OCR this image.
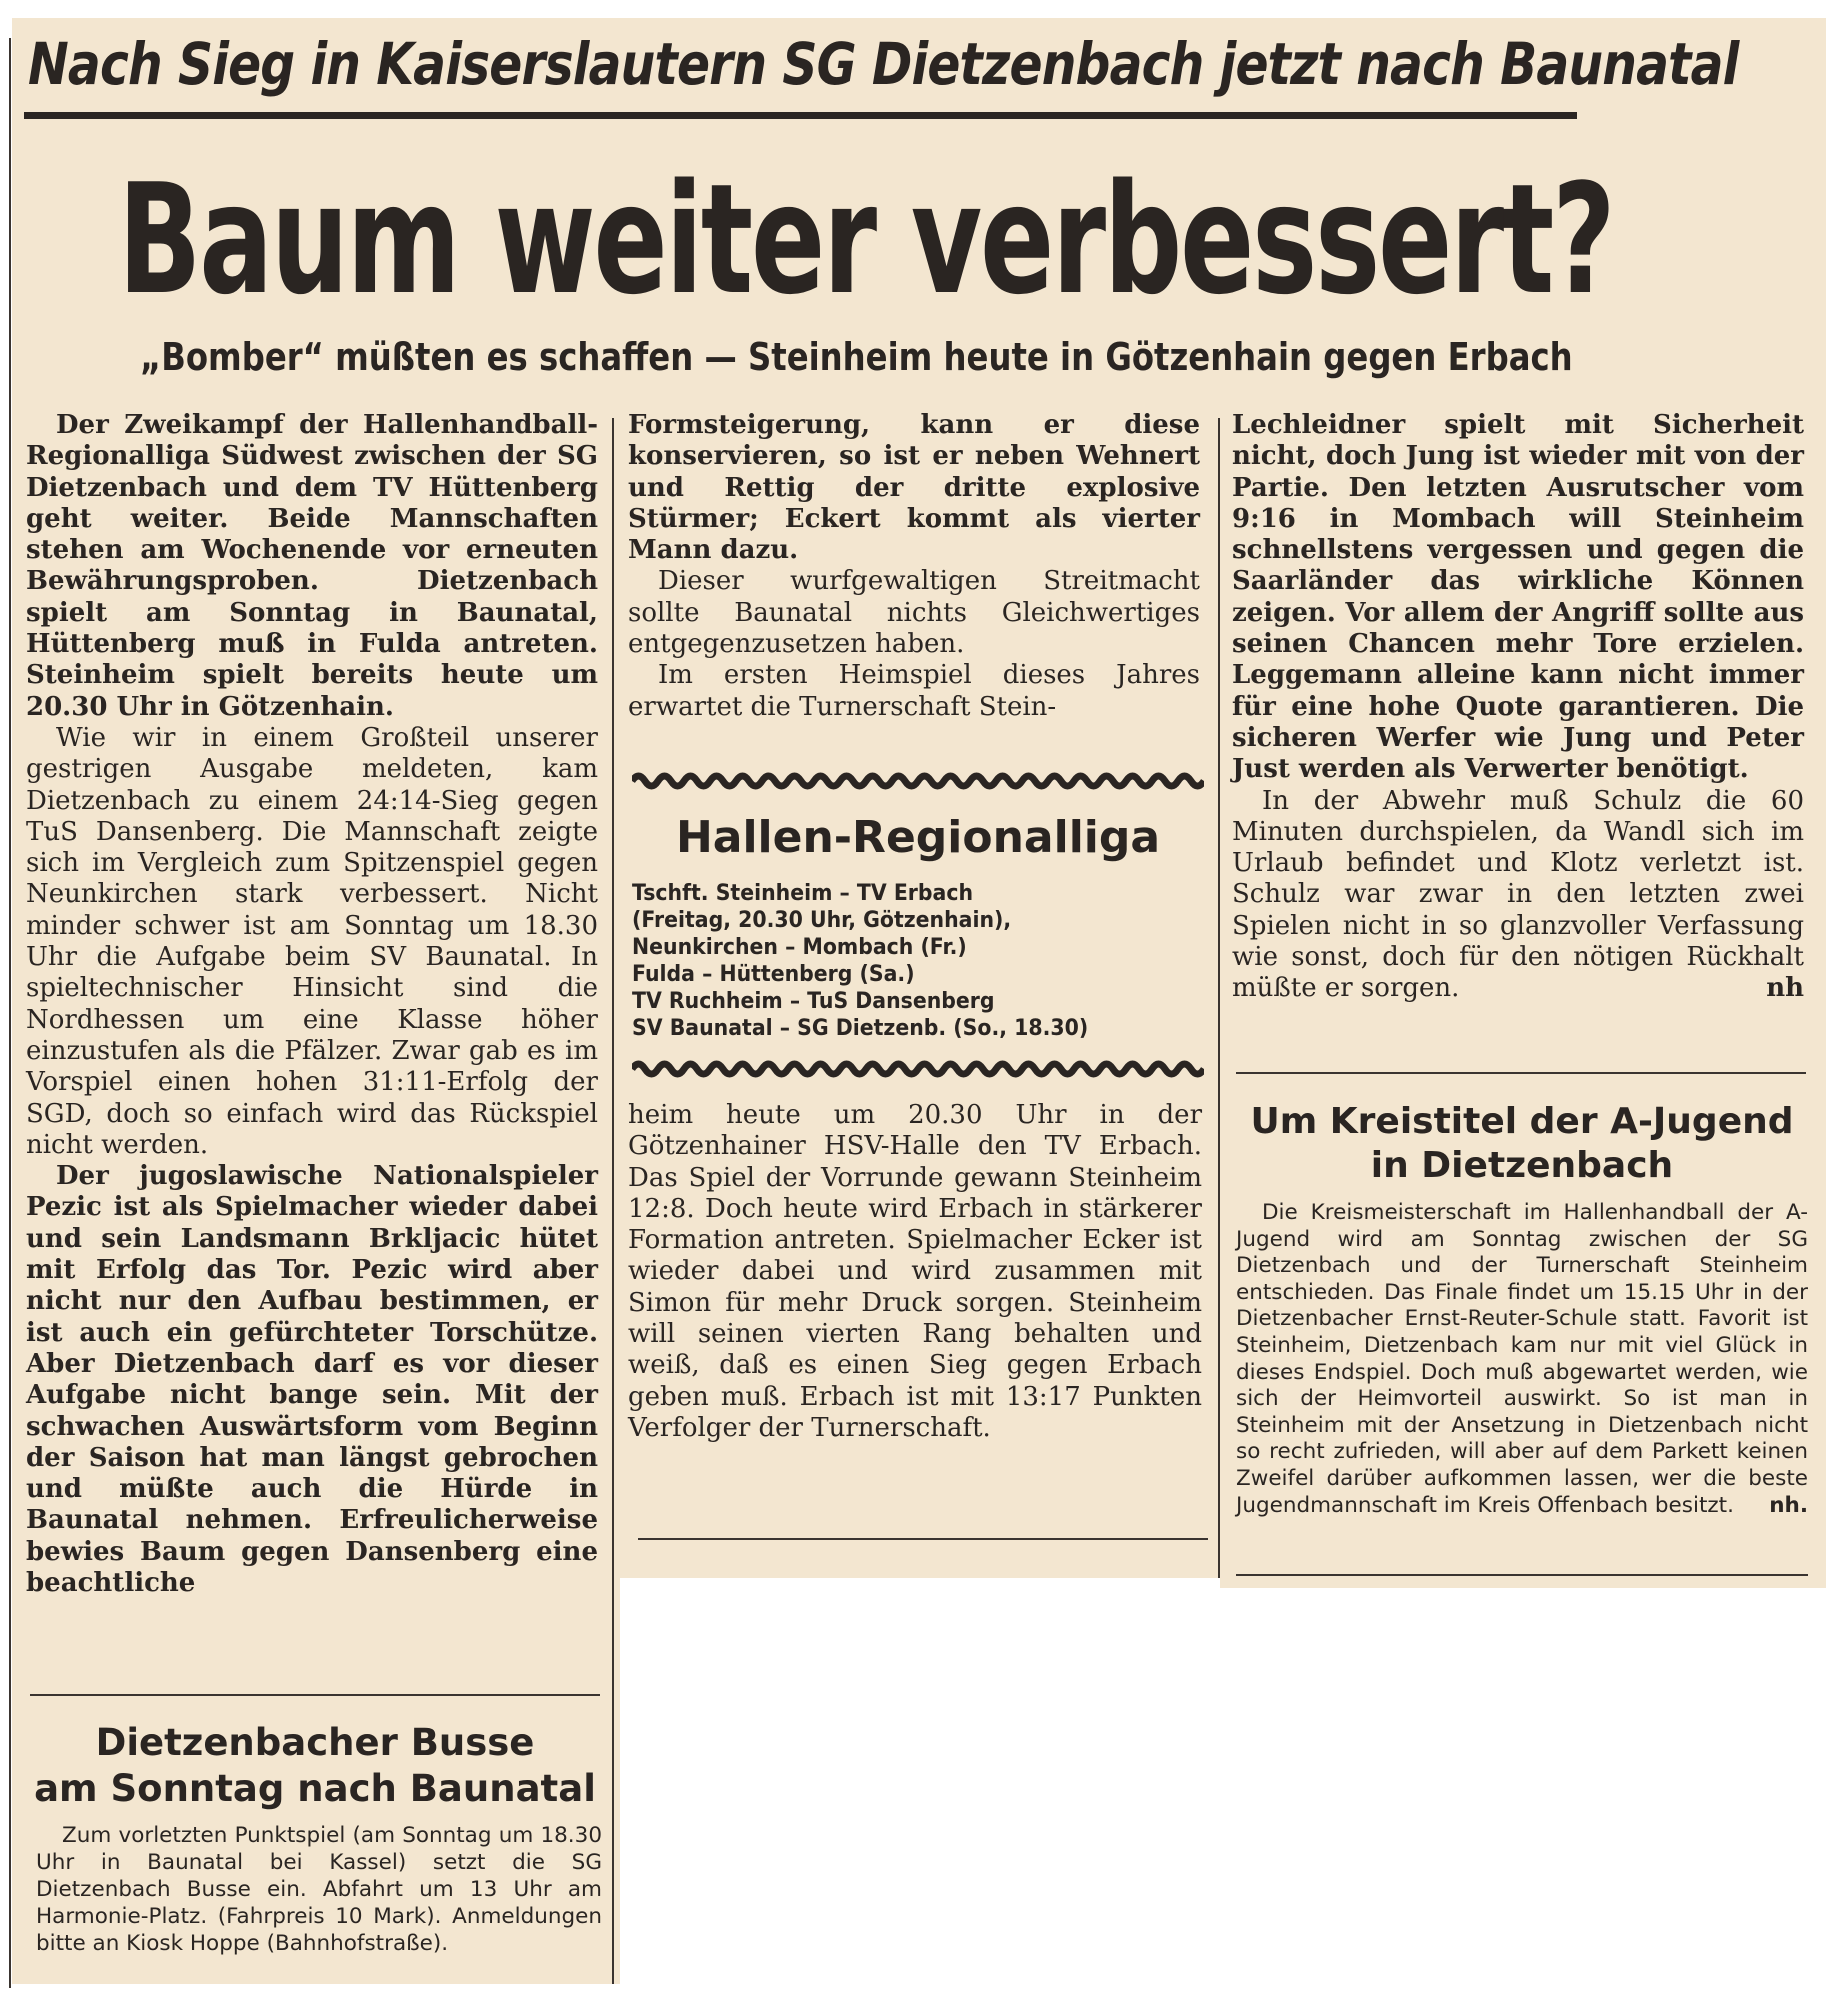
Nach Sieg in Kaiserslautern SG Dietzenbach jetzt nach Baunatal
Baum weiter verbessert?
„Bomber“ müßten es schaffen — Steinheim heute in Götzenhain gegen Erbach

Der Zweikampf der Hallenhandball-Regionalliga Südwest zwischen der SG Dietzenbach und dem TV Hüttenberg geht weiter. Beide Mannschaften stehen am Wochenende vor erneuten Bewährungsproben. Dietzenbach spielt am Sonntag in Baunatal, Hüttenberg muß in Fulda antreten. Steinheim spielt bereits heute um 20.30 Uhr in Götzenhain.

Wie wir in einem Großteil unserer gestrigen Ausgabe meldeten, kam Dietzenbach zu einem 24:14-Sieg gegen TuS Dansenberg. Die Mannschaft zeigte sich im Vergleich zum Spitzenspiel gegen Neunkirchen stark verbessert. Nicht minder schwer ist am Sonntag um 18.30 Uhr die Aufgabe beim SV Baunatal. In spieltechnischer Hinsicht sind die Nordhessen um eine Klasse höher einzustufen als die Pfälzer. Zwar gab es im Vorspiel einen hohen 31:11-Erfolg der SGD, doch so einfach wird das Rückspiel nicht werden.

Der jugoslawische Nationalspieler Pezic ist als Spielmacher wieder dabei und sein Landsmann Brkljacic hütet mit Erfolg das Tor. Pezic wird aber nicht nur den Aufbau bestimmen, er ist auch ein gefürchteter Torschütze. Aber Dietzenbach darf es vor dieser Aufgabe nicht bange sein. Mit der schwachen Auswärtsform vom Beginn der Saison hat man längst gebrochen und müßte auch die Hürde in Baunatal nehmen. Erfreulicherweise bewies Baum gegen Dansenberg eine beachtliche

Formsteigerung, kann er diese konservieren, so ist er neben Wehnert und Rettig der dritte explosive Stürmer; Eckert kommt als vierter Mann dazu.

Dieser wurfgewaltigen Streitmacht sollte Baunatal nichts Gleichwertiges entgegenzusetzen haben.

Im ersten Heimspiel dieses Jahres erwartet die Turnerschaft Stein-

Hallen-Regionalliga
Tschft. Steinheim – TV Erbach
(Freitag, 20.30 Uhr, Götzenhain),
Neunkirchen – Mombach (Fr.)
Fulda – Hüttenberg (Sa.)
TV Ruchheim – TuS Dansenberg
SV Baunatal – SG Dietzenb. (So., 18.30)

heim heute um 20.30 Uhr in der Götzenhainer HSV-Halle den TV Erbach. Das Spiel der Vorrunde gewann Steinheim 12:8. Doch heute wird Erbach in stärkerer Formation antreten. Spielmacher Ecker ist wieder dabei und wird zusammen mit Simon für mehr Druck sorgen. Steinheim will seinen vierten Rang behalten und weiß, daß es einen Sieg gegen Erbach geben muß. Erbach ist mit 13:17 Punkten Verfolger der Turnerschaft.

Lechleidner spielt mit Sicherheit nicht, doch Jung ist wieder mit von der Partie. Den letzten Ausrutscher vom 9:16 in Mombach will Steinheim schnellstens vergessen und gegen die Saarländer das wirkliche Können zeigen. Vor allem der Angriff sollte aus seinen Chancen mehr Tore erzielen. Leggemann alleine kann nicht immer für eine hohe Quote garantieren. Die sicheren Werfer wie Jung und Peter Just werden als Verwerter benötigt.

In der Abwehr muß Schulz die 60 Minuten durchspielen, da Wandl sich im Urlaub befindet und Klotz verletzt ist. Schulz war zwar in den letzten zwei Spielen nicht in so glanzvoller Verfassung wie sonst, doch für den nötigen Rückhalt müßte er sorgen.	nh

Um Kreistitel der A-Jugend
in Dietzenbach

Die Kreismeisterschaft im Hallenhandball der A-Jugend wird am Sonntag zwischen der SG Dietzenbach und der Turnerschaft Steinheim entschieden. Das Finale findet um 15.15 Uhr in der Dietzenbacher Ernst-Reuter-Schule statt. Favorit ist Steinheim, Dietzenbach kam nur mit viel Glück in dieses Endspiel. Doch muß abgewartet werden, wie sich der Heimvorteil auswirkt. So ist man in Steinheim mit der Ansetzung in Dietzenbach nicht so recht zufrieden, will aber auf dem Parkett keinen Zweifel darüber aufkommen lassen, wer die beste Jugendmannschaft im Kreis Offenbach besitzt.	nh.

Dietzenbacher Busse
am Sonntag nach Baunatal

Zum vorletzten Punktspiel (am Sonntag um 18.30 Uhr in Baunatal bei Kassel) setzt die SG Dietzenbach Busse ein. Abfahrt um 13 Uhr am Harmonie-Platz. (Fahrpreis 10 Mark). Anmeldungen bitte an Kiosk Hoppe (Bahnhofstraße).
